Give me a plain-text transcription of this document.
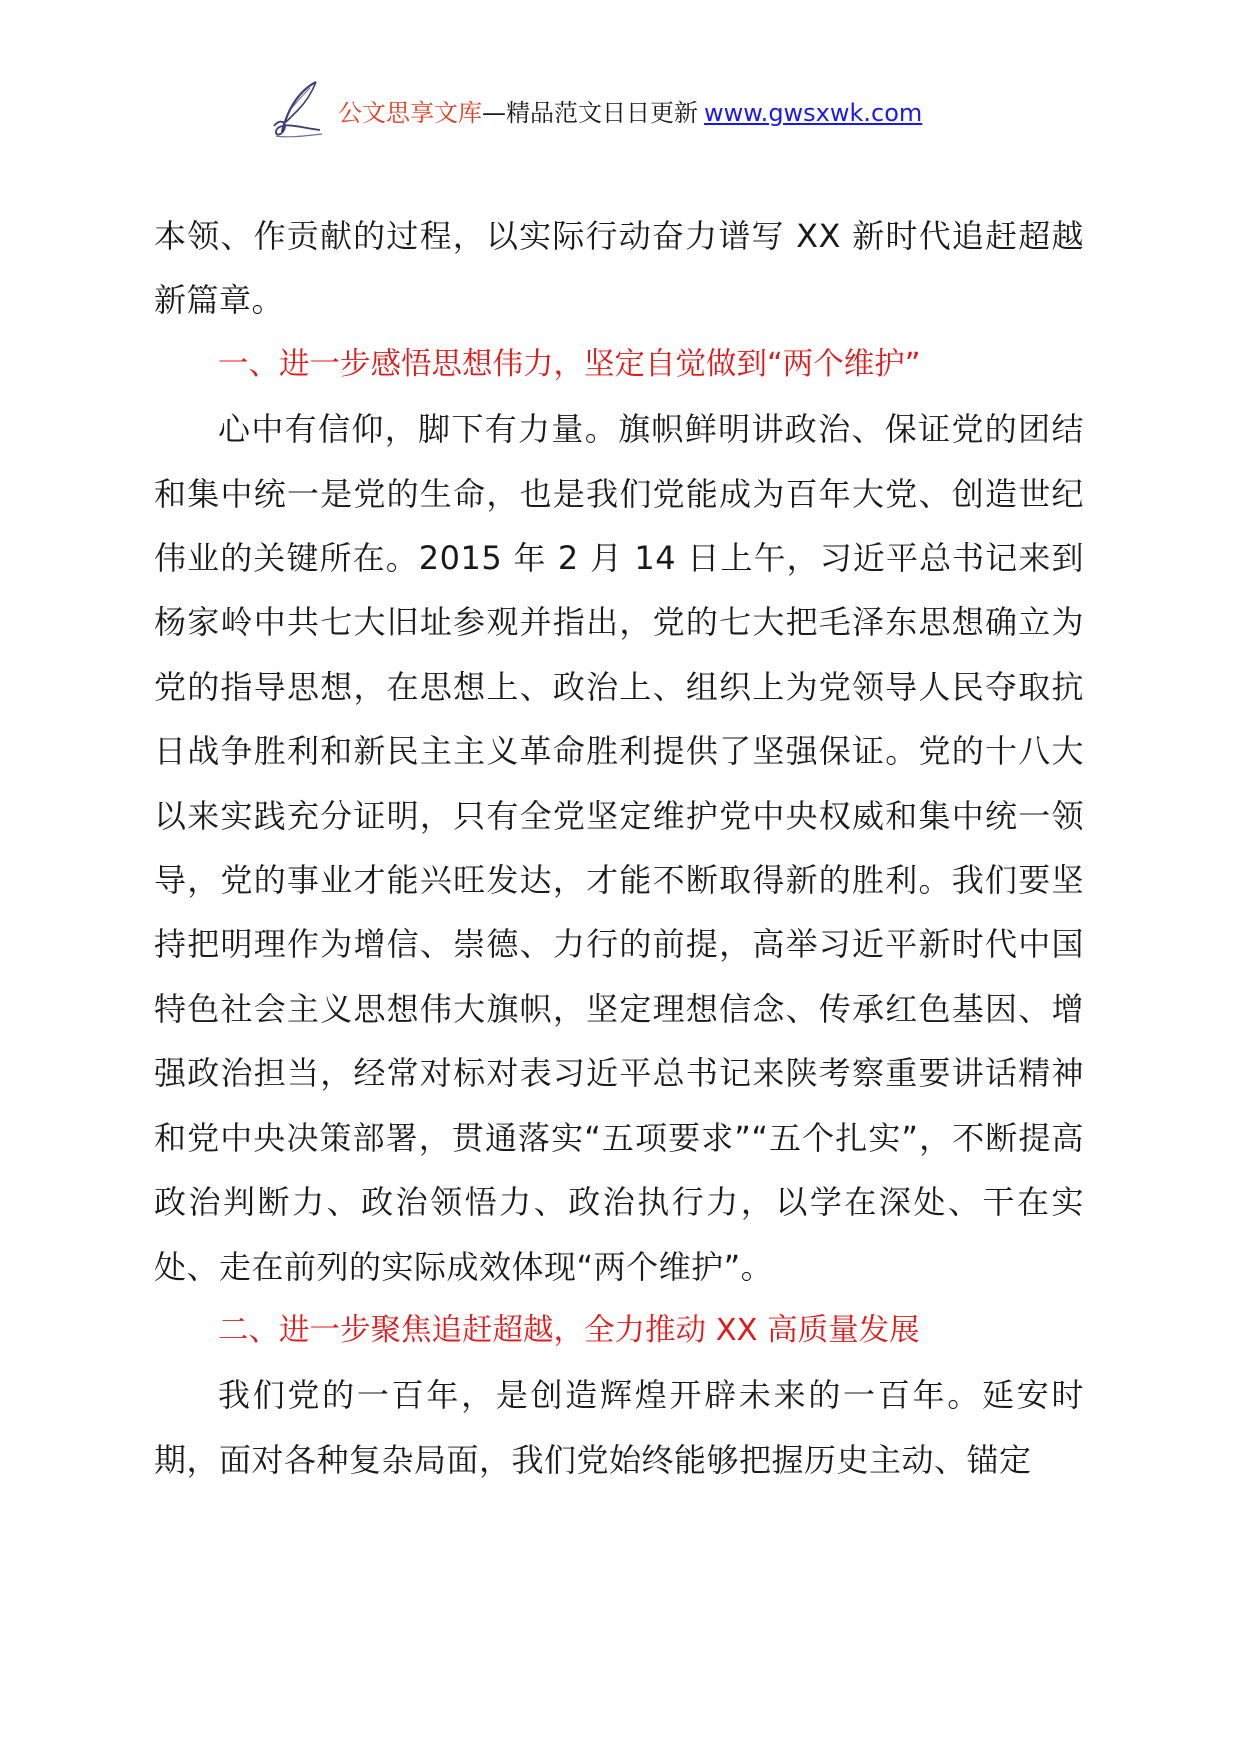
公文思享文库—精品范文日日更新 www.gwsxwk.com

本领、作贡献的过程，以实际行动奋力谱写 XX 新时代追赶超越新篇章。

一、进一步感悟思想伟力，坚定自觉做到“两个维护”

心中有信仰，脚下有力量。旗帜鲜明讲政治、保证党的团结和集中统一是党的生命，也是我们党能成为百年大党、创造世纪伟业的关键所在。2015 年 2 月 14 日上午，习近平总书记来到杨家岭中共七大旧址参观并指出，党的七大把毛泽东思想确立为党的指导思想，在思想上、政治上、组织上为党领导人民夺取抗日战争胜利和新民主主义革命胜利提供了坚强保证。党的十八大以来实践充分证明，只有全党坚定维护党中央权威和集中统一领导，党的事业才能兴旺发达，才能不断取得新的胜利。我们要坚持把明理作为增信、崇德、力行的前提，高举习近平新时代中国特色社会主义思想伟大旗帜，坚定理想信念、传承红色基因、增强政治担当，经常对标对表习近平总书记来陕考察重要讲话精神和党中央决策部署，贯通落实“五项要求”“五个扎实”，不断提高政治判断力、政治领悟力、政治执行力，以学在深处、干在实处、走在前列的实际成效体现“两个维护”。

二、进一步聚焦追赶超越，全力推动 XX 高质量发展

我们党的一百年，是创造辉煌开辟未来的一百年。延安时期，面对各种复杂局面，我们党始终能够把握历史主动、锚定
